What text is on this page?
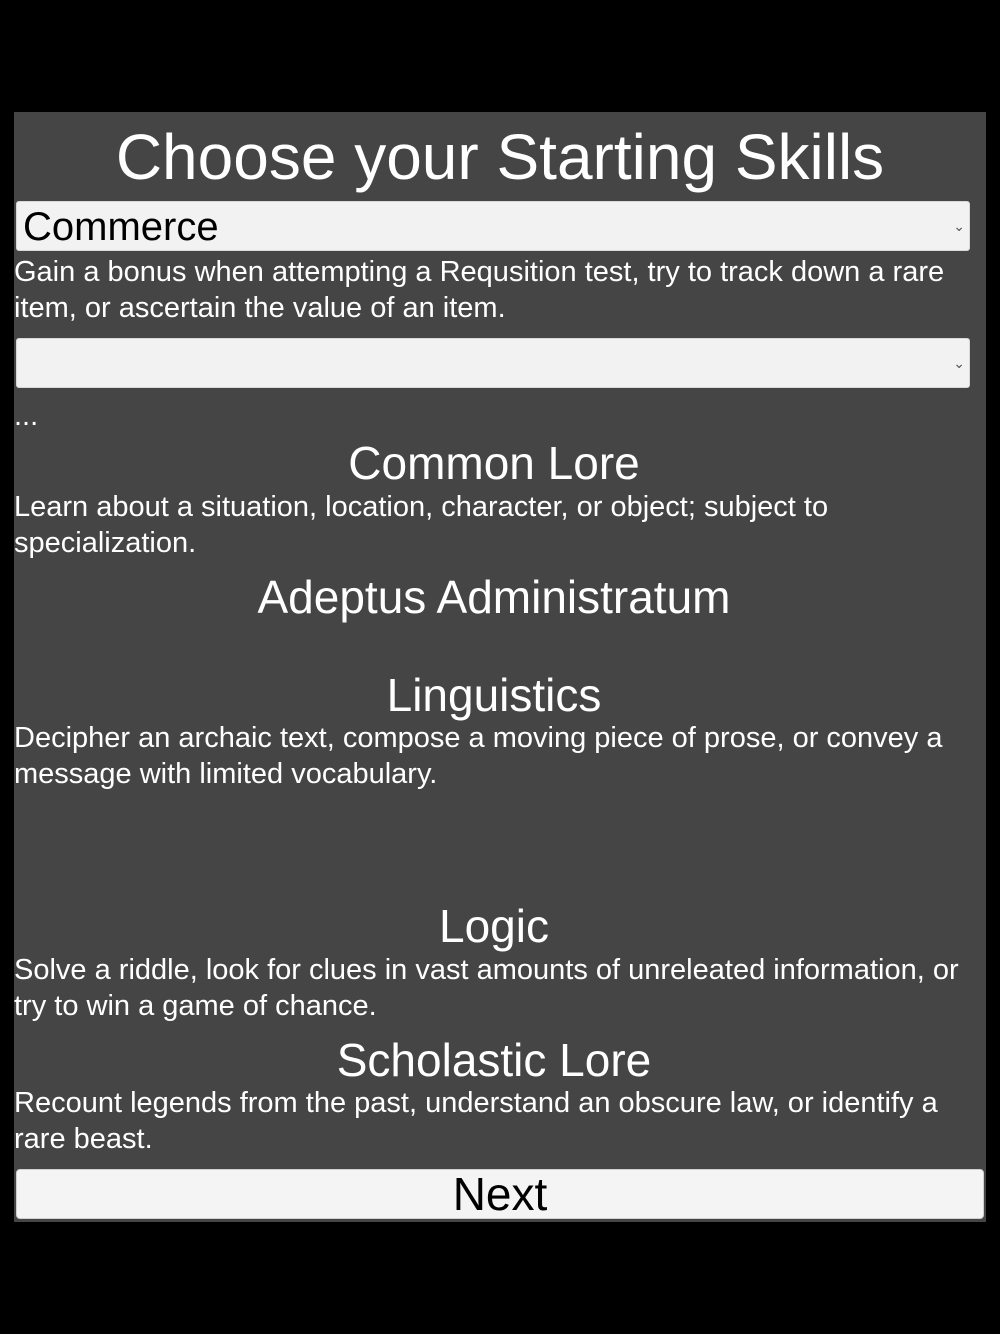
Choose your Starting Skills
Commerce	⌄
Gain a bonus when attempting a Requsition test, try to track down a rare item, or ascertain the value of an item.
⌄
...
Common Lore
Learn about a situation, location, character, or object; subject to specialization.
Adeptus Administratum
Linguistics
Decipher an archaic text, compose a moving piece of prose, or convey a message with limited vocabulary.
Logic
Solve a riddle, look for clues in vast amounts of unreleated information, or try to win a game of chance.
Scholastic Lore
Recount legends from the past, understand an obscure law, or identify a rare beast.
Next
